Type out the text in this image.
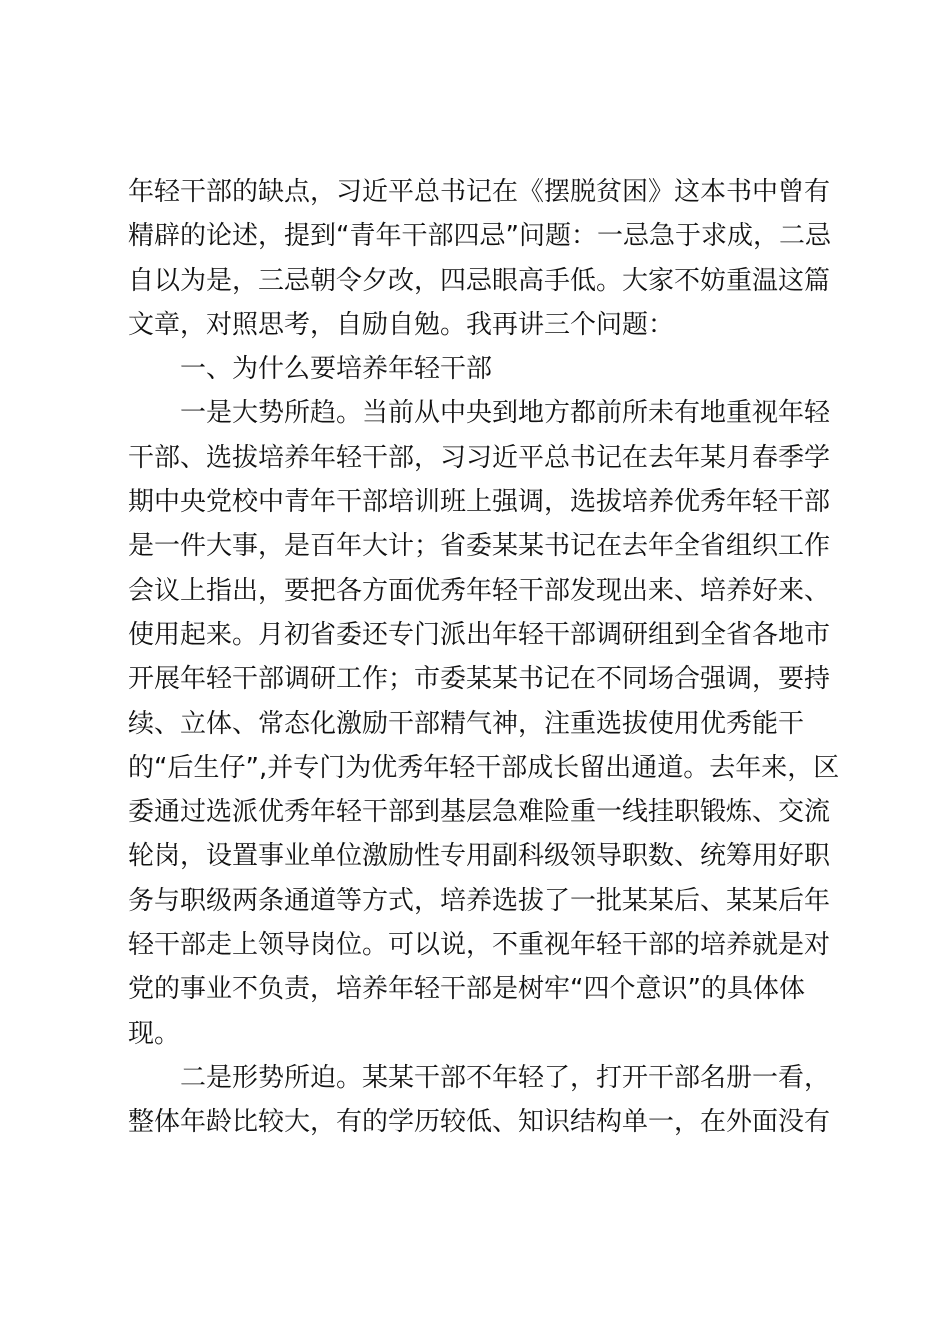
年轻干部的缺点，习近平总书记在《摆脱贫困》这本书中曾有
精辟的论述，提到“青年干部四忌”问题：一忌急于求成，二忌
自以为是，三忌朝令夕改，四忌眼高手低。大家不妨重温这篇
文章，对照思考，自励自勉。我再讲三个问题：
一、为什么要培养年轻干部
一是大势所趋。当前从中央到地方都前所未有地重视年轻
干部、选拔培养年轻干部，习习近平总书记在去年某月春季学
期中央党校中青年干部培训班上强调，选拔培养优秀年轻干部
是一件大事，是百年大计；省委某某书记在去年全省组织工作
会议上指出，要把各方面优秀年轻干部发现出来、培养好来、
使用起来。月初省委还专门派出年轻干部调研组到全省各地市
开展年轻干部调研工作；市委某某书记在不同场合强调，要持
续、立体、常态化激励干部精气神，注重选拔使用优秀能干
的“后生仔”,并专门为优秀年轻干部成长留出通道。去年来，区
委通过选派优秀年轻干部到基层急难险重一线挂职锻炼、交流
轮岗，设置事业单位激励性专用副科级领导职数、统筹用好职
务与职级两条通道等方式，培养选拔了一批某某后、某某后年
轻干部走上领导岗位。可以说，不重视年轻干部的培养就是对
党的事业不负责，培养年轻干部是树牢“四个意识”的具体体
现。
二是形势所迫。某某干部不年轻了，打开干部名册一看，
整体年龄比较大，有的学历较低、知识结构单一，在外面没有
